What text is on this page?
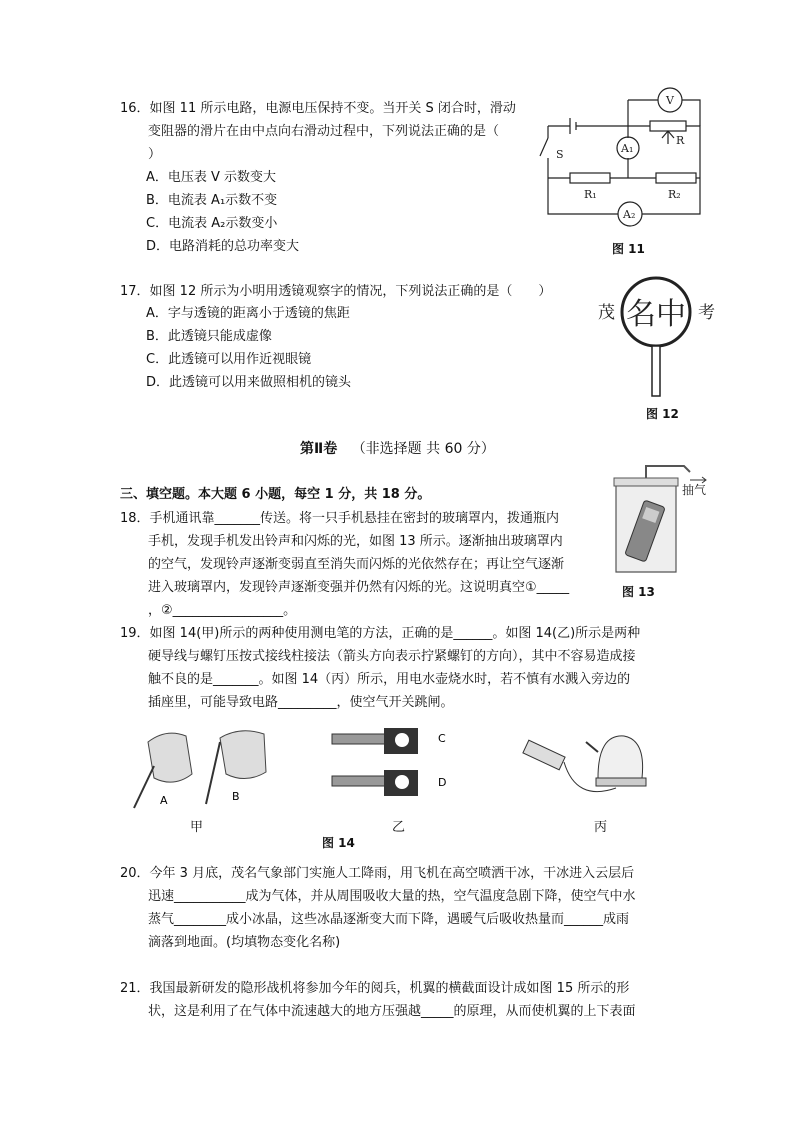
16．如图 11 所示电路，电源电压保持不变。当开关 S 闭合时，滑动
变阻器的滑片在由中点向右滑动过程中，下列说法正确的是（
）
A．电压表 V 示数变大
B．电流表 A₁示数不变
C．电流表 A₂示数变小
D．电路消耗的总功率变大
V
A₁
A₂
R
R₁	R₂
S
图 11
17．如图 12 所示为小明用透镜观察字的情况，下列说法正确的是（　　）
A．字与透镜的距离小于透镜的焦距
B．此透镜只能成虚像
C．此透镜可以用作近视眼镜
D．此透镜可以用来做照相机的镜头
茂 名 中 考
图 12
第Ⅱ卷 （非选择题 共 60 分）
三、填空题。本大题 6 小题，每空 1 分，共 18 分。	抽气
图 13
18．手机通讯靠_______传送。将一只手机悬挂在密封的玻璃罩内，拨通瓶内
手机，发现手机发出铃声和闪烁的光，如图 13 所示。逐渐抽出玻璃罩内
的空气，发现铃声逐渐变弱直至消失而闪烁的光依然存在；再让空气逐渐
进入玻璃罩内，发现铃声逐渐变强并仍然有闪烁的光。这说明真空①_____
，②_________________。
19．如图 14(甲)所示的两种使用测电笔的方法，正确的是______。如图 14(乙)所示是两种
硬导线与螺钉压按式接线柱接法（箭头方向表示拧紧螺钉的方向），其中不容易造成接
触不良的是_______。如图 14（丙）所示，用电水壶烧水时，若不慎有水溅入旁边的
插座里，可能导致电路_________，使空气开关跳闸。
A	B
C
D
甲	乙	丙
图 14
20．今年 3 月底，茂名气象部门实施人工降雨，用飞机在高空喷洒干冰，干冰进入云层后
迅速___________成为气体，并从周围吸收大量的热，空气温度急剧下降，使空气中水
蒸气________成小冰晶，这些冰晶逐渐变大而下降，遇暖气后吸收热量而______成雨
滴落到地面。(均填物态变化名称)
21．我国最新研发的隐形战机将参加今年的阅兵，机翼的横截面设计成如图 15 所示的形
状，这是利用了在气体中流速越大的地方压强越_____的原理，从而使机翼的上下表面
